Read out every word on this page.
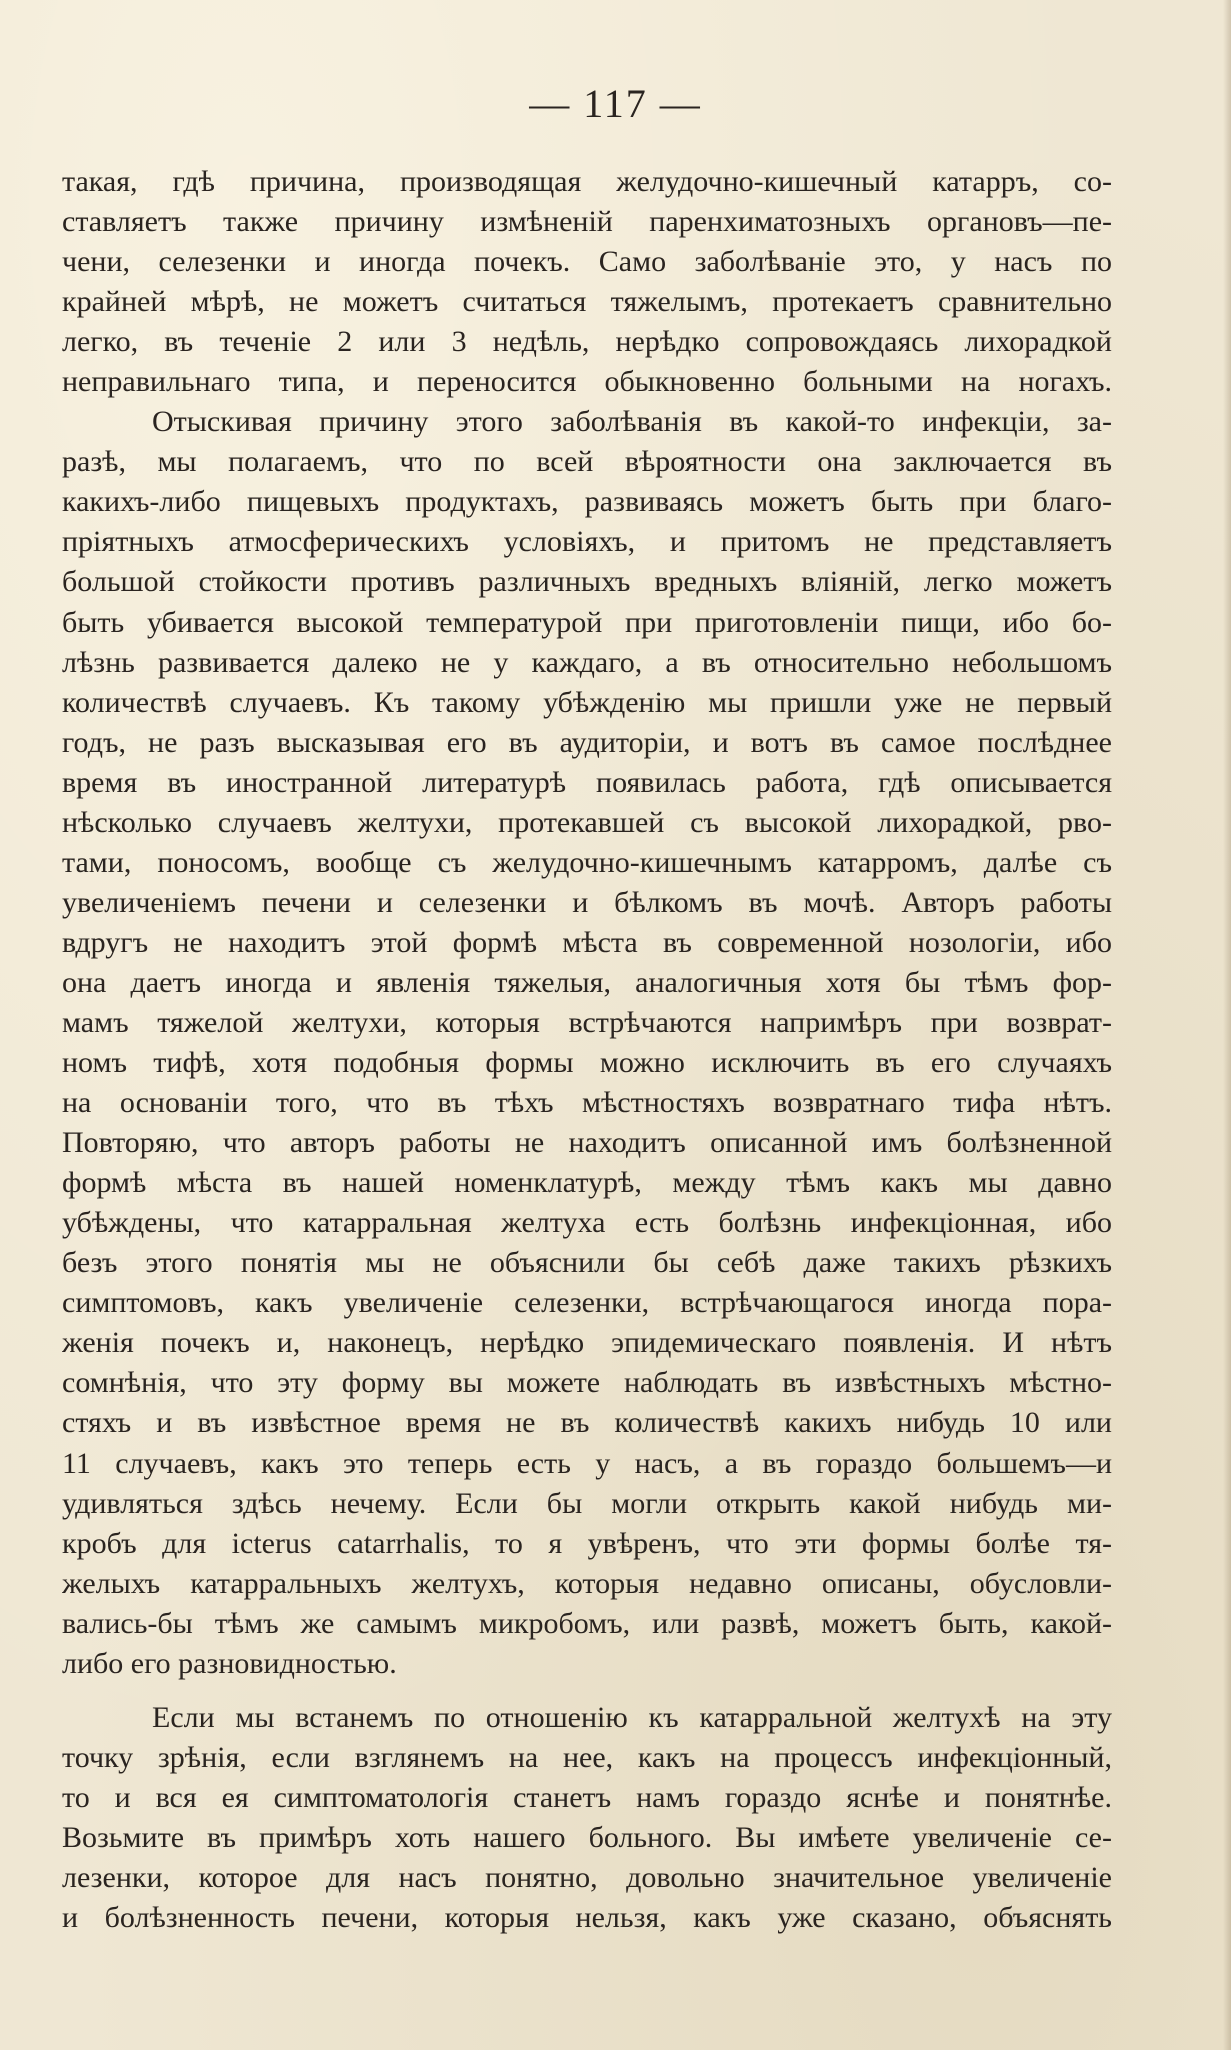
— 117 —
такая, гдѣ причина, производящая желудочно-кишечный катарръ, со-
ставляетъ также причину измѣненій паренхиматозныхъ органовъ—пе-
чени, селезенки и иногда почекъ. Само заболѣваніе это, у насъ по
крайней мѣрѣ, не можетъ считаться тяжелымъ, протекаетъ сравнительно
легко, въ теченіе 2 или 3 недѣль, нерѣдко сопровождаясь лихорадкой
неправильнаго типа, и переносится обыкновенно больными на ногахъ.
Отыскивая причину этого заболѣванія въ какой-то инфекціи, за-
разѣ, мы полагаемъ, что по всей вѣроятности она заключается въ
какихъ-либо пищевыхъ продуктахъ, развиваясь можетъ быть при благо-
пріятныхъ атмосферическихъ условіяхъ, и притомъ не представляетъ
большой стойкости противъ различныхъ вредныхъ вліяній, легко можетъ
быть убивается высокой температурой при приготовленіи пищи, ибо бо-
лѣзнь развивается далеко не у каждаго, а въ относительно небольшомъ
количествѣ случаевъ. Къ такому убѣжденію мы пришли уже не первый
годъ, не разъ высказывая его въ аудиторіи, и вотъ въ самое послѣднее
время въ иностранной литературѣ появилась работа, гдѣ описывается
нѣсколько случаевъ желтухи, протекавшей съ высокой лихорадкой, рво-
тами, поносомъ, вообще съ желудочно-кишечнымъ катарромъ, далѣе съ
увеличеніемъ печени и селезенки и бѣлкомъ въ мочѣ. Авторъ работы
вдругъ не находитъ этой формѣ мѣста въ современной нозологіи, ибо
она даетъ иногда и явленія тяжелыя, аналогичныя хотя бы тѣмъ фор-
мамъ тяжелой желтухи, которыя встрѣчаются напримѣръ при возврат-
номъ тифѣ, хотя подобныя формы можно исключить въ его случаяхъ
на основаніи того, что въ тѣхъ мѣстностяхъ возвратнаго тифа нѣтъ.
Повторяю, что авторъ работы не находитъ описанной имъ болѣзненной
формѣ мѣста въ нашей номенклатурѣ, между тѣмъ какъ мы давно
убѣждены, что катарральная желтуха есть болѣзнь инфекціонная, ибо
безъ этого понятія мы не объяснили бы себѣ даже такихъ рѣзкихъ
симптомовъ, какъ увеличеніе селезенки, встрѣчающагося иногда пора-
женія почекъ и, наконецъ, нерѣдко эпидемическаго появленія. И нѣтъ
сомнѣнія, что эту форму вы можете наблюдать въ извѣстныхъ мѣстно-
стяхъ и въ извѣстное время не въ количествѣ какихъ нибудь 10 или
11 случаевъ, какъ это теперь есть у насъ, а въ гораздо большемъ—и
удивляться здѣсь нечему. Если бы могли открыть какой нибудь ми-
кробъ для icterus catarrhalis, то я увѣренъ, что эти формы болѣе тя-
желыхъ катарральныхъ желтухъ, которыя недавно описаны, обусловли-
вались-бы тѣмъ же самымъ микробомъ, или развѣ, можетъ быть, какой-
либо его разновидностью.
Если мы встанемъ по отношенію къ катарральной желтухѣ на эту
точку зрѣнія, если взглянемъ на нее, какъ на процессъ инфекціонный,
то и вся ея симптоматологія станетъ намъ гораздо яснѣе и понятнѣе.
Возьмите въ примѣръ хоть нашего больного. Вы имѣете увеличеніе се-
лезенки, которое для насъ понятно, довольно значительное увеличеніе
и болѣзненность печени, которыя нельзя, какъ уже сказано, объяснять
